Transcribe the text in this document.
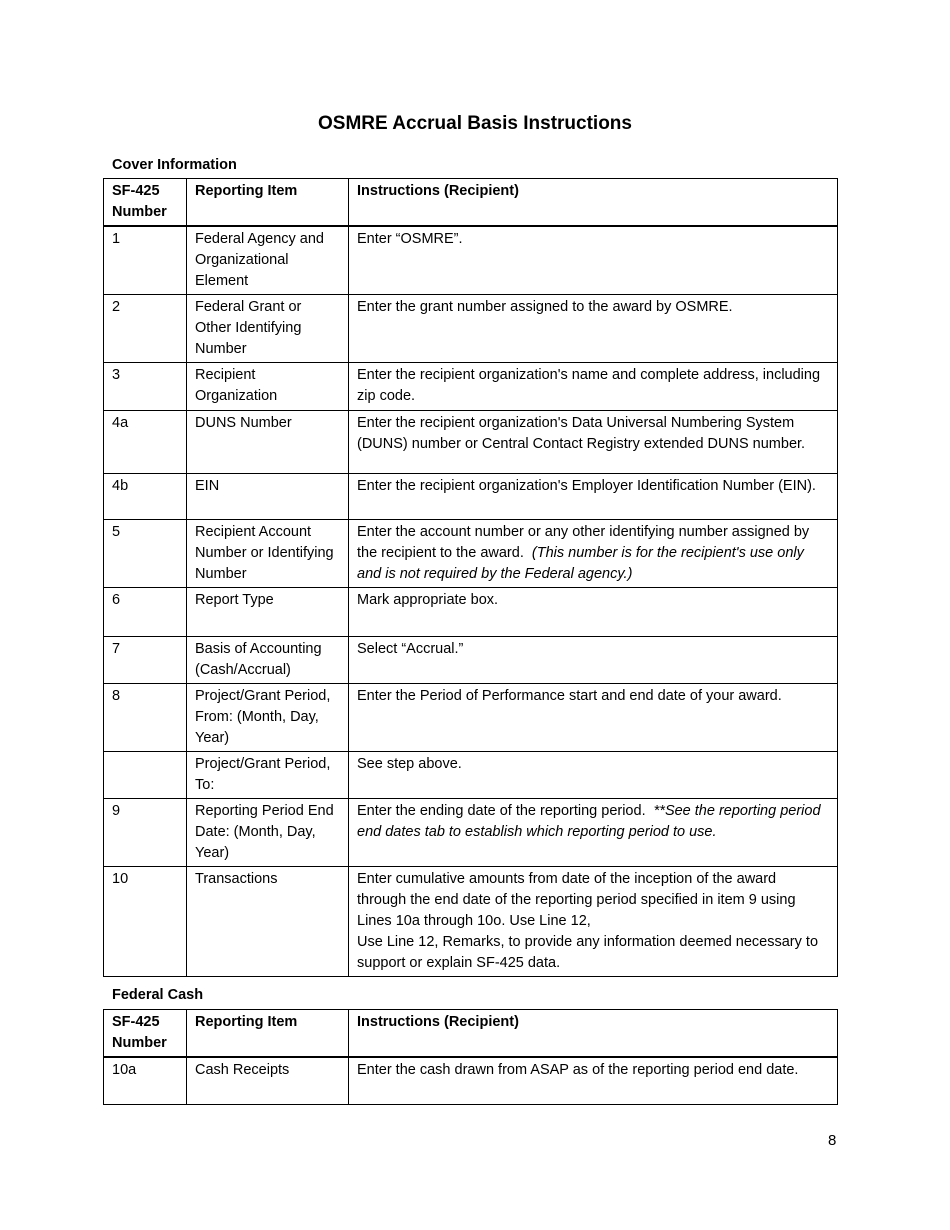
OSMRE Accrual Basis Instructions
Cover Information
SF-425 Number	Reporting Item	Instructions (Recipient)
1	Federal Agency and Organizational Element	Enter “OSMRE”.
2	Federal Grant or Other Identifying Number	Enter the grant number assigned to the award by OSMRE.
3	Recipient Organization	Enter the recipient organization's name and complete address, including zip code.
4a	DUNS Number	Enter the recipient organization's Data Universal Numbering System (DUNS) number or Central Contact Registry extended DUNS number.
4b	EIN	Enter the recipient organization's Employer Identification Number (EIN).
5	Recipient Account Number or Identifying Number	Enter the account number or any other identifying number assigned by the recipient to the award. (This number is for the recipient's use only and is not required by the Federal agency.)
6	Report Type	Mark appropriate box.
7	Basis of Accounting (Cash/Accrual)	Select “Accrual.”
8	Project/Grant Period, From: (Month, Day, Year)	Enter the Period of Performance start and end date of your award.
	Project/Grant Period, To:	See step above.
9	Reporting Period End Date: (Month, Day, Year)	Enter the ending date of the reporting period. **See the reporting period end dates tab to establish which reporting period to use.
10	Transactions	Enter cumulative amounts from date of the inception of the award through the end date of the reporting period specified in item 9 using Lines 10a through 10o. Use Line 12,
Use Line 12, Remarks, to provide any information deemed necessary to support or explain SF-425 data.
Federal Cash
SF-425 Number	Reporting Item	Instructions (Recipient)
10a	Cash Receipts	Enter the cash drawn from ASAP as of the reporting period end date.
8
